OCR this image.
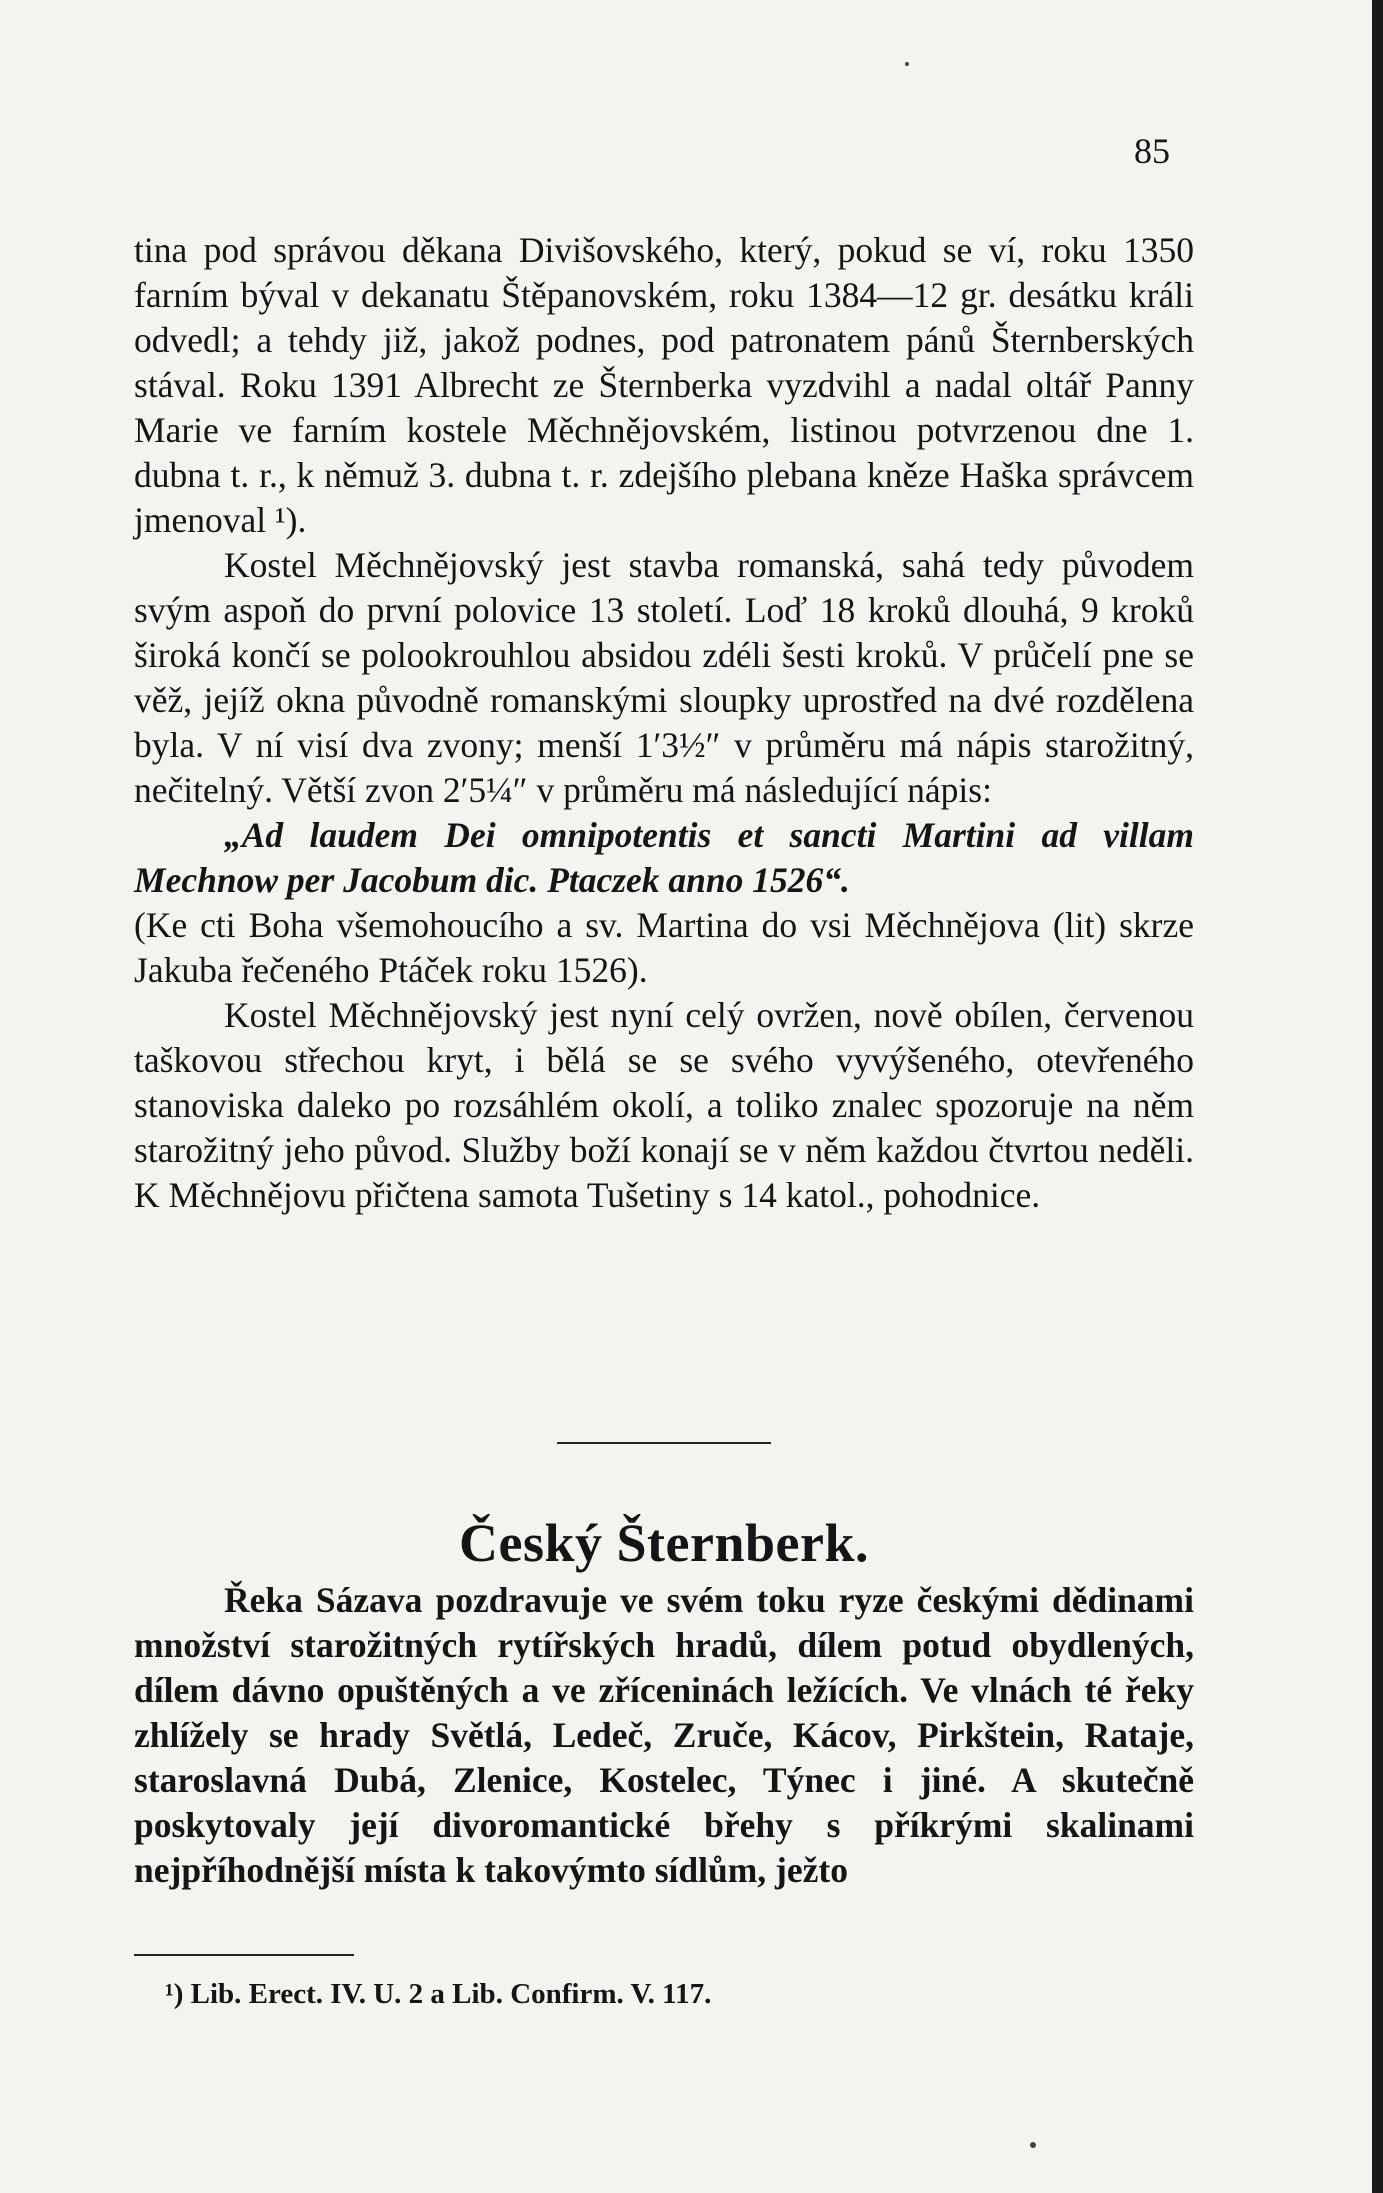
85

tina pod správou děkana Divišovského, který, pokud se ví, roku 1350 farním býval v dekanatu Štěpanovském, roku 1384—12 gr. desátku králi odvedl; a tehdy již, jakož podnes, pod patronatem pánů Šternberských stával. Roku 1391 Albrecht ze Šternberka vyzdvihl a nadal oltář Panny Marie ve farním kostele Měchnějovském, listinou potvrzenou dne 1. dubna t. r., k němuž 3. dubna t. r. zdejšího plebana kněze Haška správcem jmenoval ¹).

Kostel Měchnějovský jest stavba romanská, sahá tedy původem svým aspoň do první polovice 13 století. Loď 18 kroků dlouhá, 9 kroků široká končí se polookrouhlou absidou zdéli šesti kroků. V průčelí pne se věž, jejíž okna původně romanskými sloupky uprostřed na dvé rozdělena byla. V ní visí dva zvony; menší 1′3½″ v průměru má nápis starožitný, nečitelný. Větší zvon 2′5¼″ v průměru má následující nápis:

„Ad laudem Dei omnipotentis et sancti Martini ad villam Mechnow per Jacobum dic. Ptaczek anno 1526“.

(Ke cti Boha všemohoucího a sv. Martina do vsi Měchnějova (lit) skrze Jakuba řečeného Ptáček roku 1526).

Kostel Měchnějovský jest nyní celý ovržen, nově obílen, červenou taškovou střechou kryt, i bělá se se svého vyvýšeného, otevřeného stanoviska daleko po rozsáhlém okolí, a toliko znalec spozoruje na něm starožitný jeho původ. Služby boží konají se v něm každou čtvrtou neděli. K Měchnějovu přičtena samota Tušetiny s 14 katol., pohodnice.

Český Šternberk.

Řeka Sázava pozdravuje ve svém toku ryze českými dědinami množství starožitných rytířských hradů, dílem potud obydlených, dílem dávno opuštěných a ve zříceninách ležících. Ve vlnách té řeky zhlížely se hrady Světlá, Ledeč, Zruče, Kácov, Pirkštein, Rataje, staroslavná Dubá, Zlenice, Kostelec, Týnec i jiné. A skutečně poskytovaly její divoromantické břehy s příkrými skalinami nejpříhodnější místa k takovýmto sídlům, ježto

¹) Lib. Erect. IV. U. 2 a Lib. Confirm. V. 117.
